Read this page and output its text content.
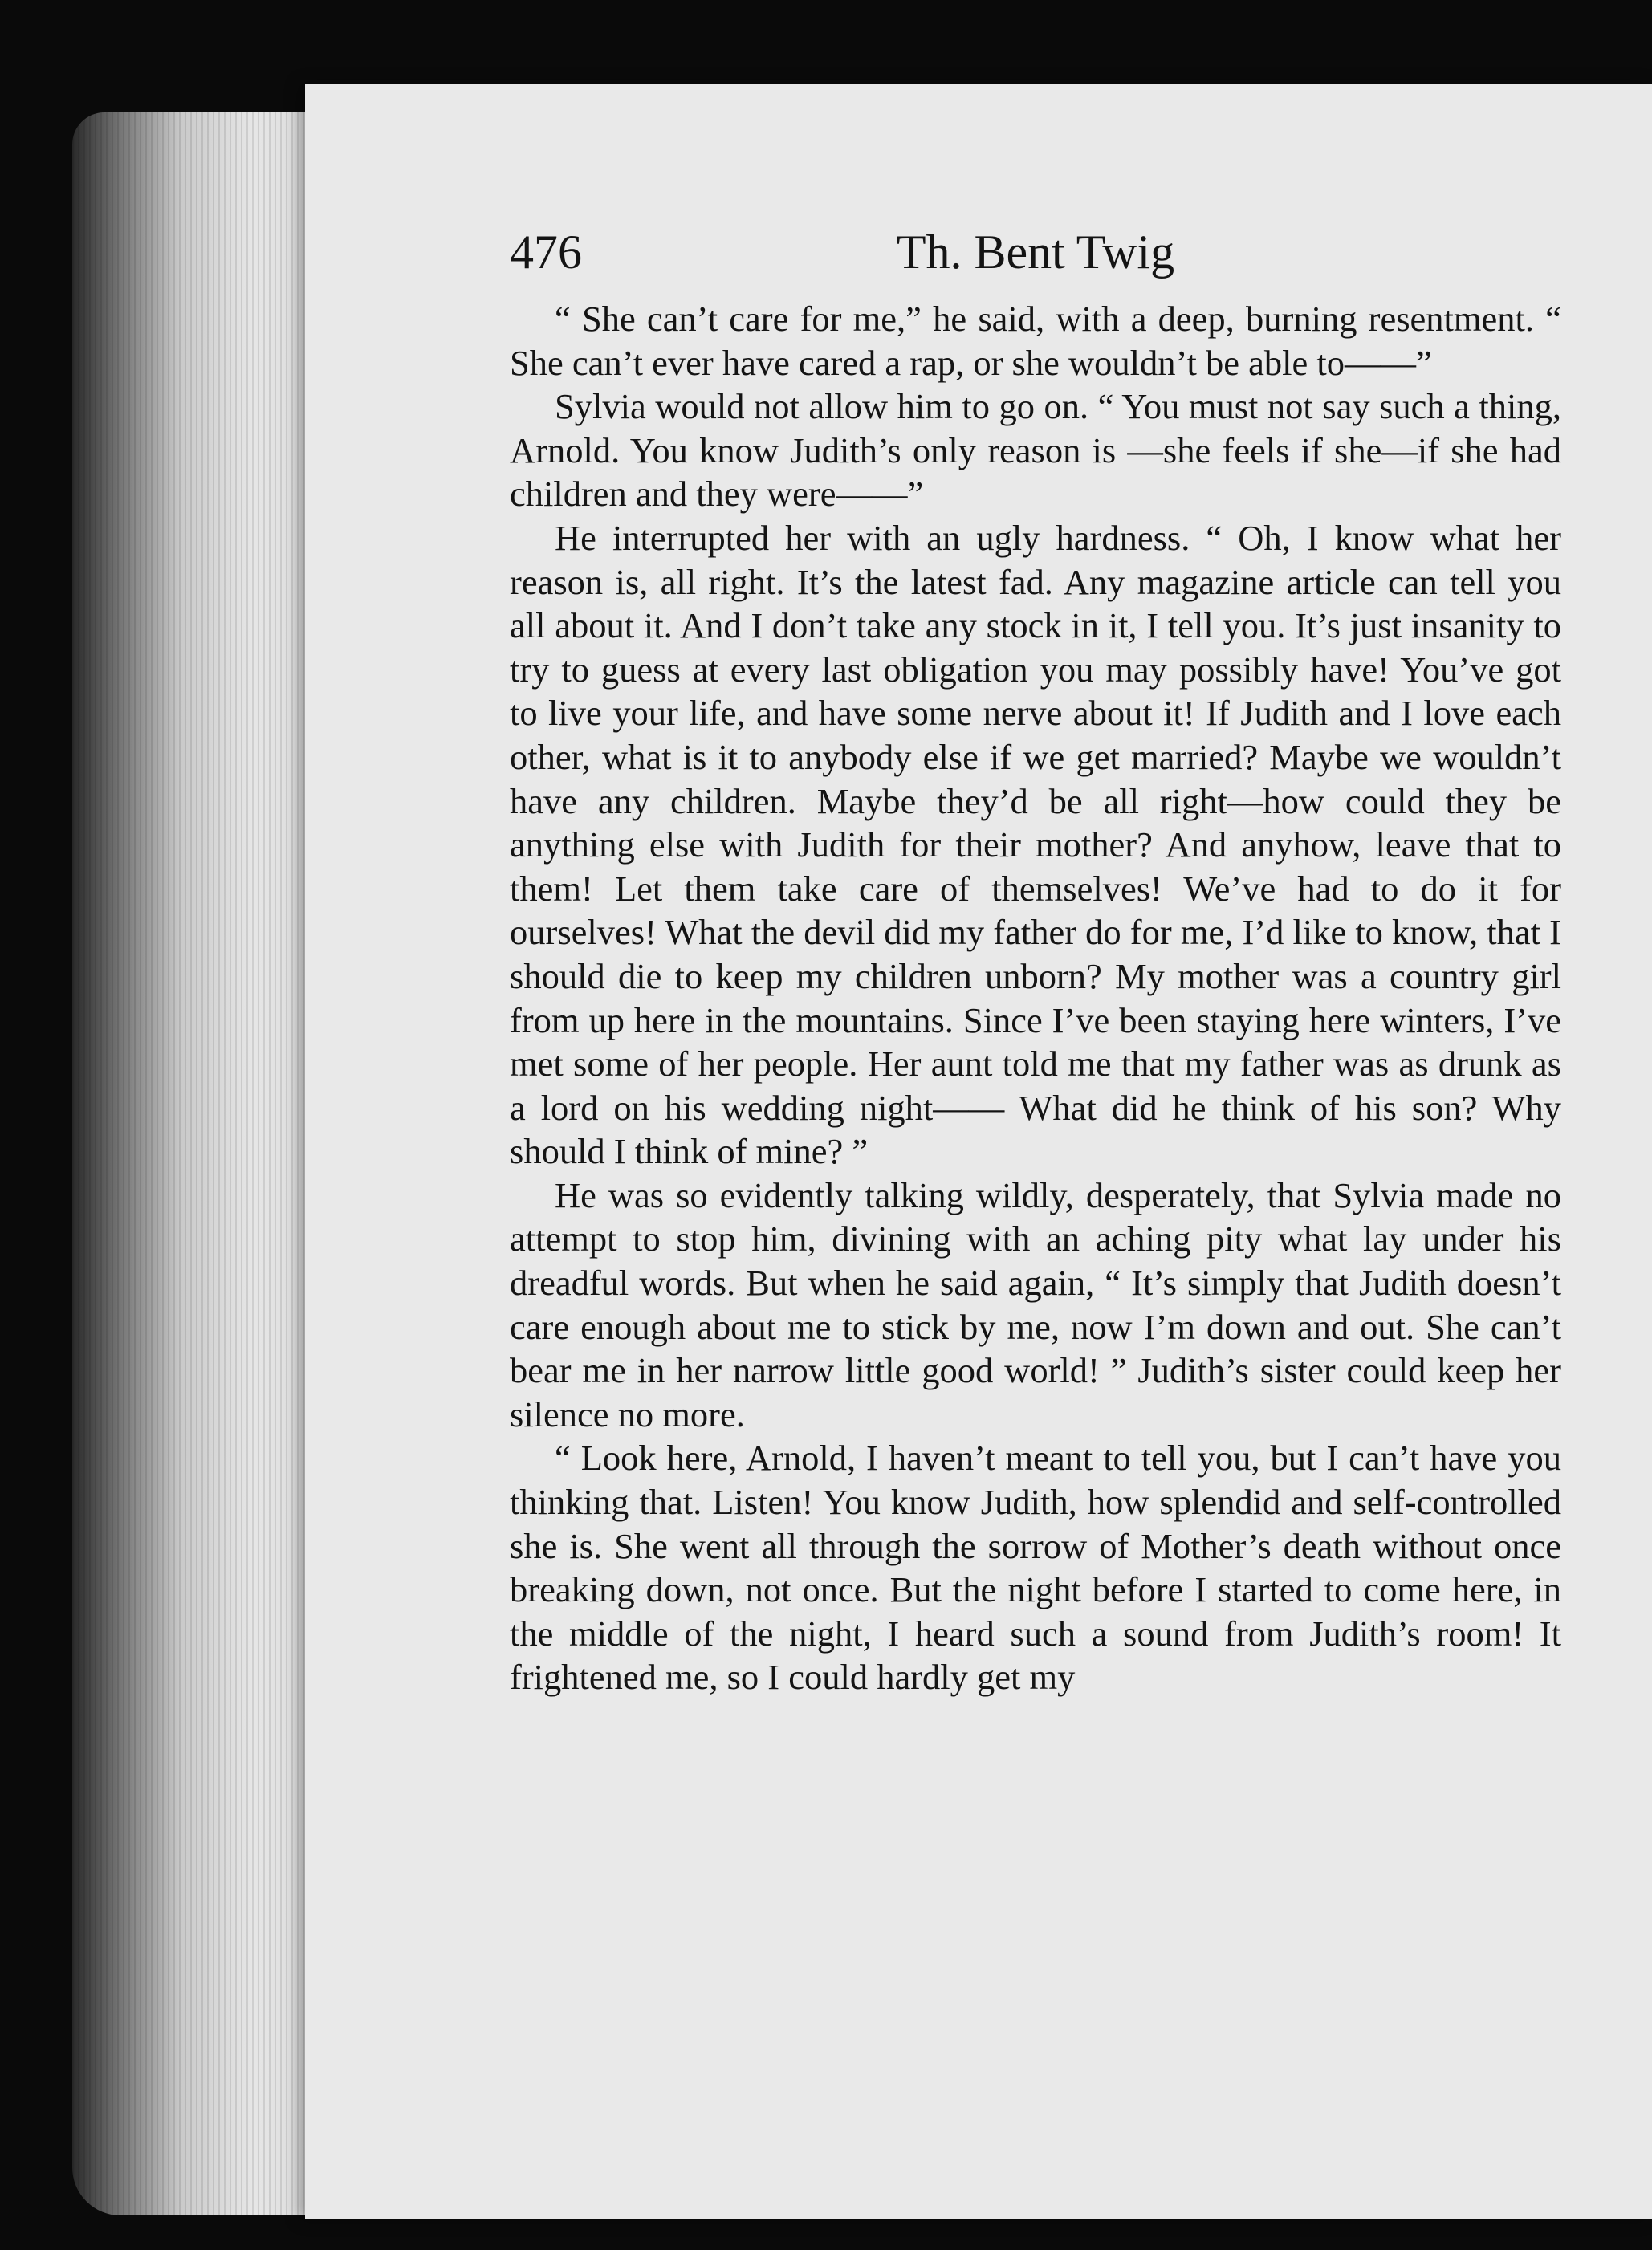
476	Th. Bent Twig

“ She can’t care for me,” he said, with a deep, burning resentment. “ She can’t ever have cared a rap, or she wouldn’t be able to——”

Sylvia would not allow him to go on. “ You must not say such a thing, Arnold. You know Judith’s only reason is —she feels if she—if she had children and they were——”

He interrupted her with an ugly hardness. “ Oh, I know what her reason is, all right. It’s the latest fad. Any magazine article can tell you all about it. And I don’t take any stock in it, I tell you. It’s just insanity to try to guess at every last obligation you may possibly have! You’ve got to live your life, and have some nerve about it! If Judith and I love each other, what is it to anybody else if we get married? Maybe we wouldn’t have any children. Maybe they’d be all right—how could they be anything else with Judith for their mother? And anyhow, leave that to them! Let them take care of themselves! We’ve had to do it for ourselves! What the devil did my father do for me, I’d like to know, that I should die to keep my children unborn? My mother was a country girl from up here in the mountains. Since I’ve been staying here winters, I’ve met some of her people. Her aunt told me that my father was as drunk as a lord on his wedding night—— What did he think of his son? Why should I think of mine? ”

He was so evidently talking wildly, desperately, that Sylvia made no attempt to stop him, divining with an aching pity what lay under his dreadful words. But when he said again, “ It’s simply that Judith doesn’t care enough about me to stick by me, now I’m down and out. She can’t bear me in her narrow little good world! ” Judith’s sister could keep her silence no more.

“ Look here, Arnold, I haven’t meant to tell you, but I can’t have you thinking that. Listen! You know Judith, how splendid and self-controlled she is. She went all through the sorrow of Mother’s death without once breaking down, not once. But the night before I started to come here, in the middle of the night, I heard such a sound from Judith’s room! It frightened me, so I could hardly get my
